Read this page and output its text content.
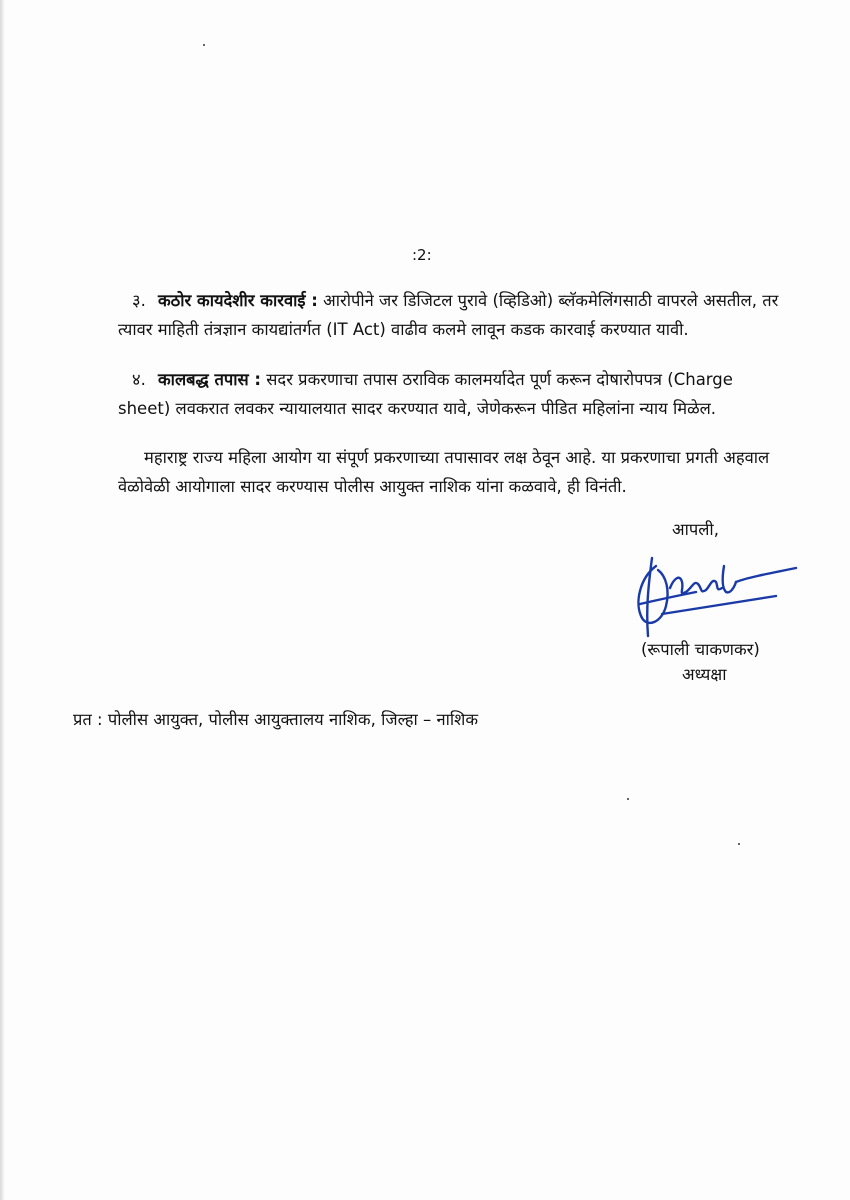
:2:
३. कठोर कायदेशीर कारवाई : आरोपीने जर डिजिटल पुरावे (व्हिडिओ) ब्लॅकमेलिंगसाठी वापरले असतील, तर त्यावर माहिती तंत्रज्ञान कायद्यांतर्गत (IT Act) वाढीव कलमे लावून कडक कारवाई करण्यात यावी.

४. कालबद्ध तपास : सदर प्रकरणाचा तपास ठराविक कालमर्यादेत पूर्ण करून दोषारोपपत्र (Charge sheet) लवकरात लवकर न्यायालयात सादर करण्यात यावे, जेणेकरून पीडित महिलांना न्याय मिळेल.

महाराष्ट्र राज्य महिला आयोग या संपूर्ण प्रकरणाच्या तपासावर लक्ष ठेवून आहे. या प्रकरणाचा प्रगती अहवाल वेळोवेळी आयोगाला सादर करण्यास पोलीस आयुक्त नाशिक यांना कळवावे, ही विनंती.

आपली,
(रूपाली चाकणकर)
अध्यक्षा
प्रत : पोलीस आयुक्त, पोलीस आयुक्तालय नाशिक, जिल्हा – नाशिक
